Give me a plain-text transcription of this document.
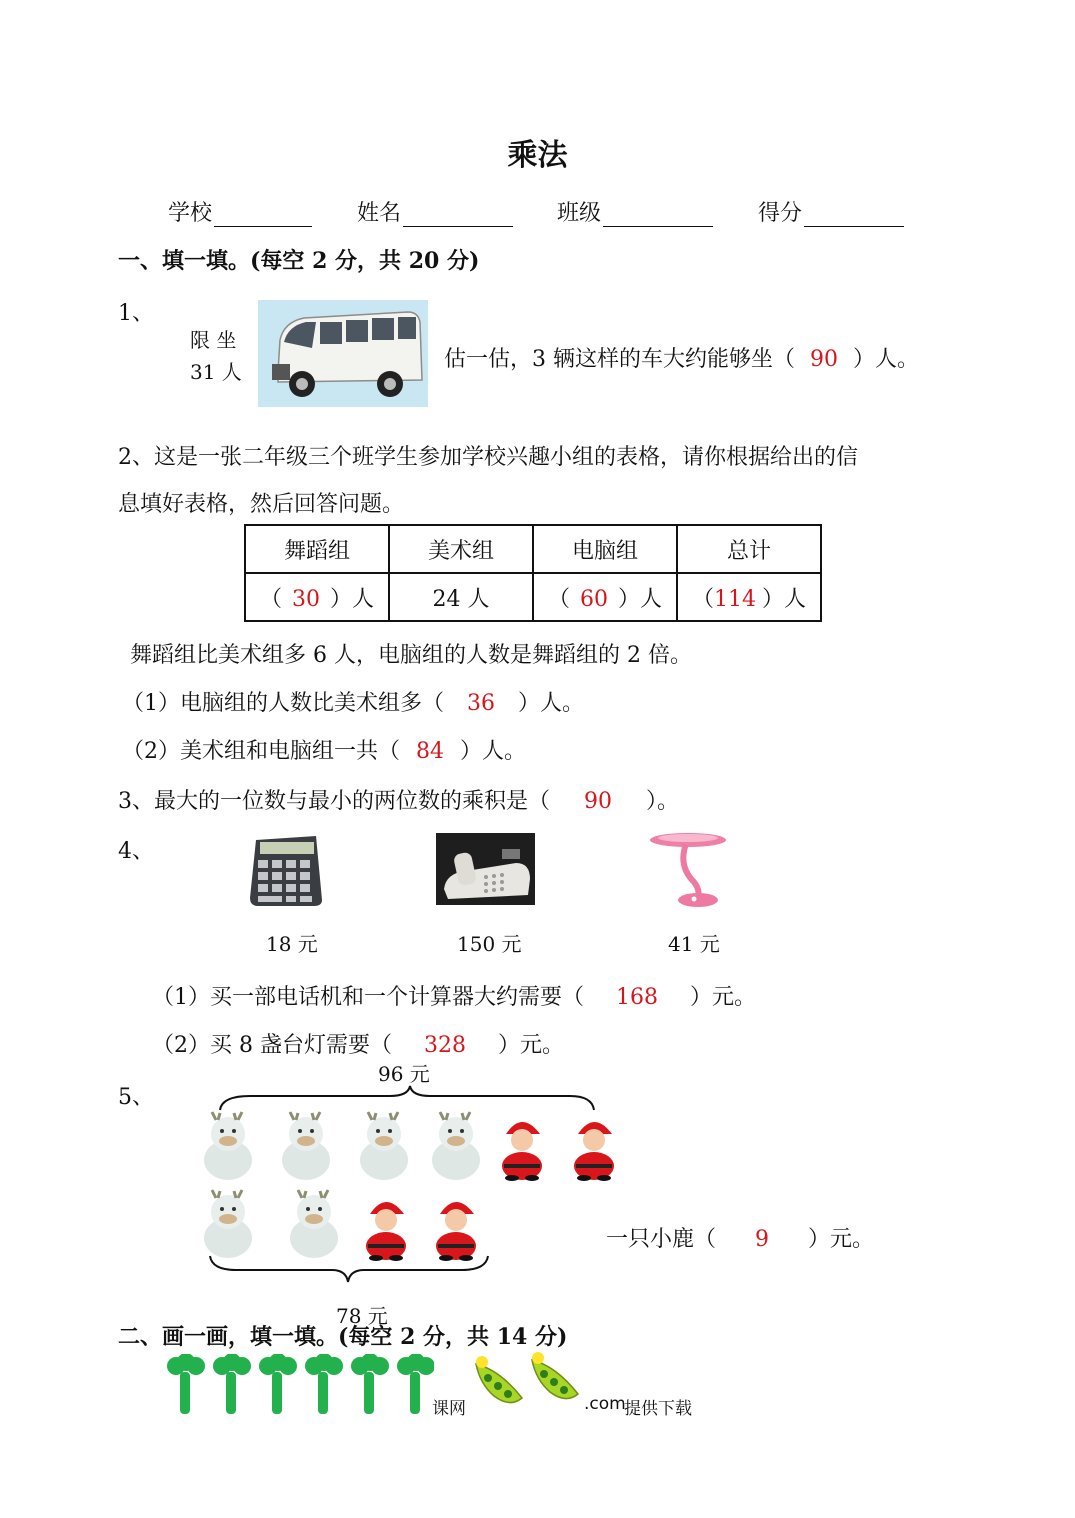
乘法
学校	姓名	班级	得分
一、填一填。(每空 2 分，共 20 分)
1、
限 坐
31 人	估一估，3 辆这样的车大约能够坐（ 90 ）人。
2、这是一张二年级三个班学生参加学校兴趣小组的表格，请你根据给出的信
息填好表格，然后回答问题。
舞蹈组	美术组	电脑组	总计
（ 30 ）人	24 人	（ 60 ）人	（114 ）人
舞蹈组比美术组多 6 人，电脑组的人数是舞蹈组的 2 倍。
（1）电脑组的人数比美术组多（ 36 ）人。
（2）美术组和电脑组一共（ 84 ）人。
3、最大的一位数与最小的两位数的乘积是（ 90 ）。
4、
18 元	150 元	41 元
（1）买一部电话机和一个计算器大约需要（ 168 ）元。
（2）买 8 盏台灯需要（ 328 ）元。
96 元
5、
78 元
一只小鹿（ 9 ）元。
二、画一画，填一填。(每空 2 分，共 14 分)
课网	.com
提供下载
